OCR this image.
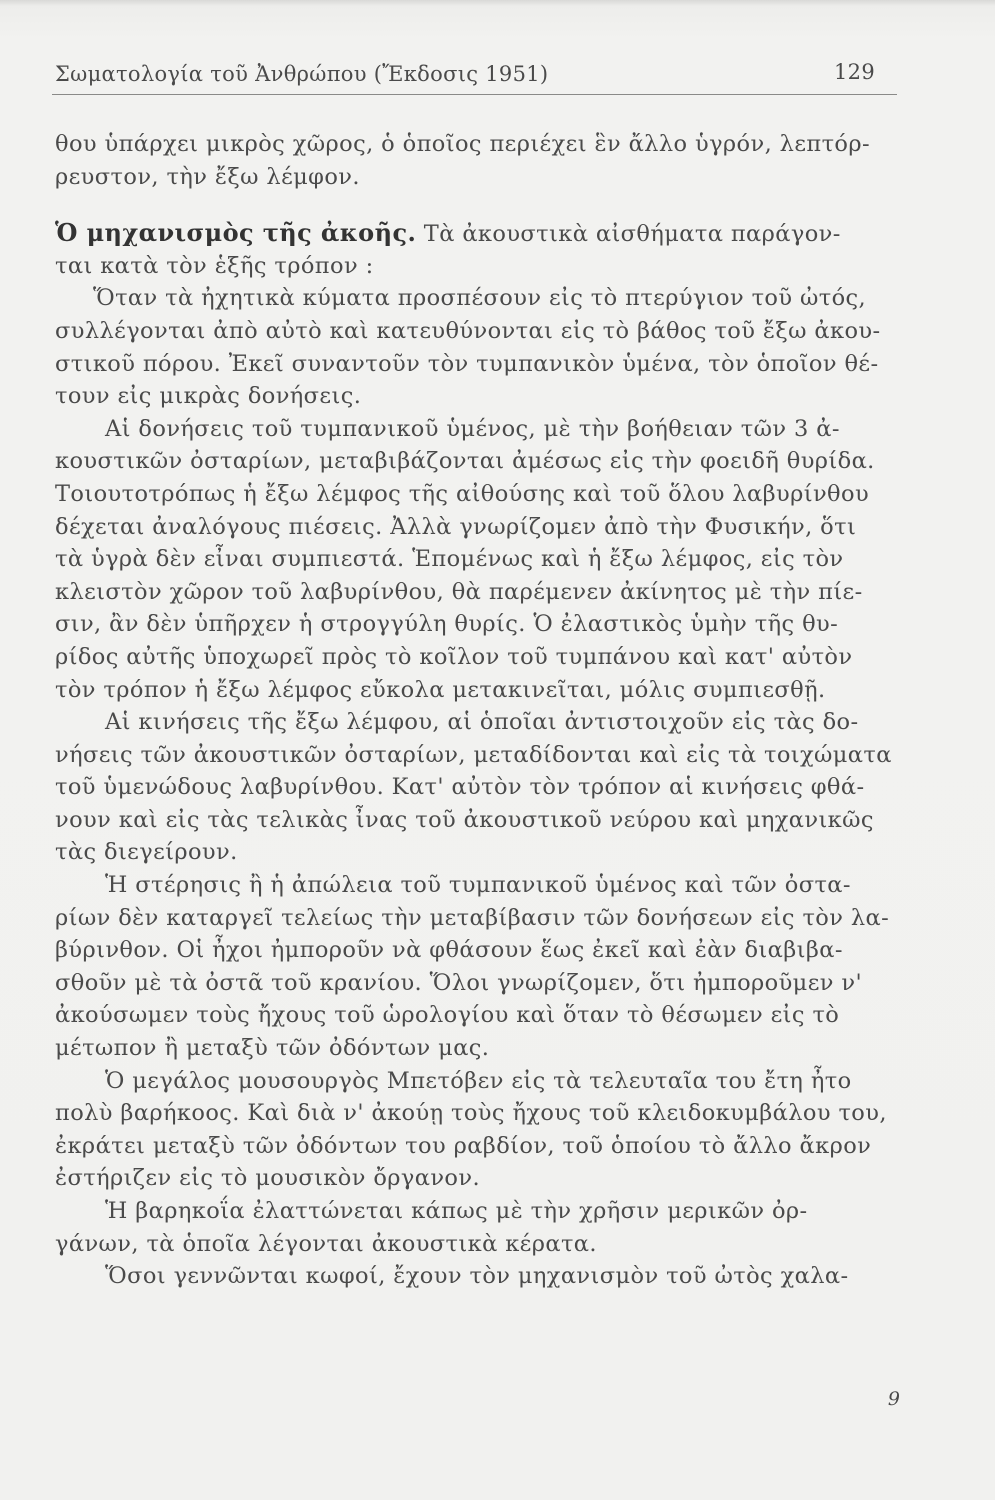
Σωματολογία τοῦ Ἀνθρώπου (Ἔκδοσις 1951)	129
θου ὑπάρχει μικρὸς χῶρος, ὁ ὁποῖος περιέχει ἓν ἄλλο ὑγρόν, λεπτόρ-
ρευστον, τὴν ἔξω λέμφον.
Ὁ μηχανισμὸς τῆς ἀκοῆς. Τὰ ἀκουστικὰ αἰσθήματα παράγον-
ται κατὰ τὸν ἑξῆς τρόπον :
Ὅταν τὰ ἠχητικὰ κύματα προσπέσουν εἰς τὸ πτερύγιον τοῦ ὠτός,
συλλέγονται ἀπὸ αὐτὸ καὶ κατευθύνονται εἰς τὸ βάθος τοῦ ἔξω ἀκου-
στικοῦ πόρου. Ἐκεῖ συναντοῦν τὸν τυμπανικὸν ὑμένα, τὸν ὁποῖον θέ-
τουν εἰς μικρὰς δονήσεις.
Αἱ δονήσεις τοῦ τυμπανικοῦ ὑμένος, μὲ τὴν βοήθειαν τῶν 3 ἀ-
κουστικῶν ὀσταρίων, μεταβιβάζονται ἀμέσως εἰς τὴν φοειδῆ θυρίδα.
Τοιουτοτρόπως ἡ ἔξω λέμφος τῆς αἰθούσης καὶ τοῦ ὅλου λαβυρίνθου
δέχεται ἀναλόγους πιέσεις. Ἀλλὰ γνωρίζομεν ἀπὸ τὴν Φυσικήν, ὅτι
τὰ ὑγρὰ δὲν εἶναι συμπιεστά. Ἑπομένως καὶ ἡ ἔξω λέμφος, εἰς τὸν
κλειστὸν χῶρον τοῦ λαβυρίνθου, θὰ παρέμενεν ἀκίνητος μὲ τὴν πίε-
σιν, ἂν δὲν ὑπῆρχεν ἡ στρογγύλη θυρίς. Ὁ ἐλαστικὸς ὑμὴν τῆς θυ-
ρίδος αὐτῆς ὑποχωρεῖ πρὸς τὸ κοῖλον τοῦ τυμπάνου καὶ κατ' αὐτὸν
τὸν τρόπον ἡ ἔξω λέμφος εὔκολα μετακινεῖται, μόλις συμπιεσθῇ.
Αἱ κινήσεις τῆς ἔξω λέμφου, αἱ ὁποῖαι ἀντιστοιχοῦν εἰς τὰς δο-
νήσεις τῶν ἀκουστικῶν ὀσταρίων, μεταδίδονται καὶ εἰς τὰ τοιχώματα
τοῦ ὑμενώδους λαβυρίνθου. Κατ' αὐτὸν τὸν τρόπον αἱ κινήσεις φθά-
νουν καὶ εἰς τὰς τελικὰς ἶνας τοῦ ἀκουστικοῦ νεύρου καὶ μηχανικῶς
τὰς διεγείρουν.
Ἡ στέρησις ἢ ἡ ἀπώλεια τοῦ τυμπανικοῦ ὑμένος καὶ τῶν ὀστα-
ρίων δὲν καταργεῖ τελείως τὴν μεταβίβασιν τῶν δονήσεων εἰς τὸν λα-
βύρινθον. Οἱ ἦχοι ἠμποροῦν νὰ φθάσουν ἕως ἐκεῖ καὶ ἐὰν διαβιβα-
σθοῦν μὲ τὰ ὀστᾶ τοῦ κρανίου. Ὅλοι γνωρίζομεν, ὅτι ἠμποροῦμεν ν'
ἀκούσωμεν τοὺς ἤχους τοῦ ὡρολογίου καὶ ὅταν τὸ θέσωμεν εἰς τὸ
μέτωπον ἢ μεταξὺ τῶν ὀδόντων μας.
Ὁ μεγάλος μουσουργὸς Μπετόβεν εἰς τὰ τελευταῖα του ἔτη ἦτο
πολὺ βαρήκοος. Καὶ διὰ ν' ἀκούῃ τοὺς ἤχους τοῦ κλειδοκυμβάλου του,
ἐκράτει μεταξὺ τῶν ὀδόντων του ραβδίον, τοῦ ὁποίου τὸ ἄλλο ἄκρον
ἐστήριζεν εἰς τὸ μουσικὸν ὄργανον.
Ἡ βαρηκοΐα ἐλαττώνεται κάπως μὲ τὴν χρῆσιν μερικῶν ὀρ-
γάνων, τὰ ὁποῖα λέγονται ἀκουστικὰ κέρατα.
Ὅσοι γεννῶνται κωφοί, ἔχουν τὸν μηχανισμὸν τοῦ ὠτὸς χαλα-
9
